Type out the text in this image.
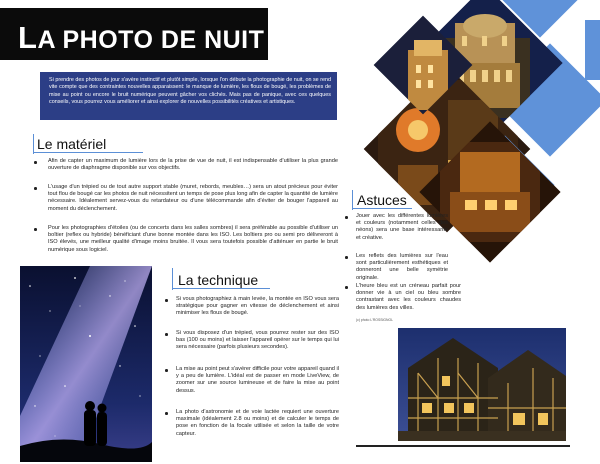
LA PHOTO DE NUIT
Si prendre des photos de jour s'avère instinctif et plutôt simple, lorsque l'on débute la photographie de nuit, on se rend vite compte que des contraintes nouvelles apparaissent: le manque de lumière, les flous de bougé, les problèmes de mise au point ou encore le bruit numérique peuvent gâcher vos clichés. Mais pas de panique, avec ces quelques conseils, vous pourrez vous améliorer et ainsi explorer de nouvelles possibilités créatives et artistiques.
Le matériel
Afin de capter un maximum de lumière lors de la prise de vue de nuit, il est indispensable d'utiliser la plus grande ouverture de diaphragme disponible sur vos objectifs.
L'usage d'un trépied ou de tout autre support stable (muret, rebords, meubles…) sera un atout précieux pour éviter tout flou de bougé car les photos de nuit nécessitent un temps de pose plus long afin de capter la quantité de lumière nécessaire. Idéalement servez-vous du retardateur ou d'une télécommande afin d'éviter de bouger l'appareil au moment du déclenchement.
Pour les photographies d'étoiles (ou de concerts dans les salles sombres) il sera préférable au possible d'utiliser un boîtier (reflex ou hybride) bénéficiant d'une bonne montée dans les ISO. Les boîtiers pro ou semi pro délivreront à ISO élevés, une meilleur qualité d'image moins bruitée. Il vous sera toutefois possible d'atténuer en partie le bruit numérique sous logiciel.
La technique
Si vous photographiez à main levée, la montée en ISO vous sera stratégique pour gagner en vitesse de déclenchement et ainsi minimiser les flous de bougé.
Si vous disposez d'un trépied, vous pourrez rester sur des ISO bas (100 ou moins) et laisser l'appareil opérer sur le temps qui lui sera nécessaire (parfois plusieurs secondes).
La mise au point peut s'avérer difficile pour votre appareil quand il y a peu de lumière. L'idéal est de passer en mode LiveView, de zoomer sur une source lumineuse et de faire la mise au point dessus.
La photo d'astronomie et de voie lactée requiert une ouverture maximale (idéalement 2.8 ou moins) et de calculer le temps de pose en fonction de la focale utilisée et selon la taille de votre capteur.
Astuces
Jouer avec les différentes lumières et couleurs (notamment celles des néons) sera une base intéressante et créative.
Les reflets des lumières sur l'eau sont particulièrement esthétiques et donneront une belle symétrie originale.
L'heure bleu est un créneau parfait pour donner vie à un ciel ou bleu sombre contrastant avec les couleurs chaudes des lumières des villes.
(c) photo L'ROSSIGNOL
